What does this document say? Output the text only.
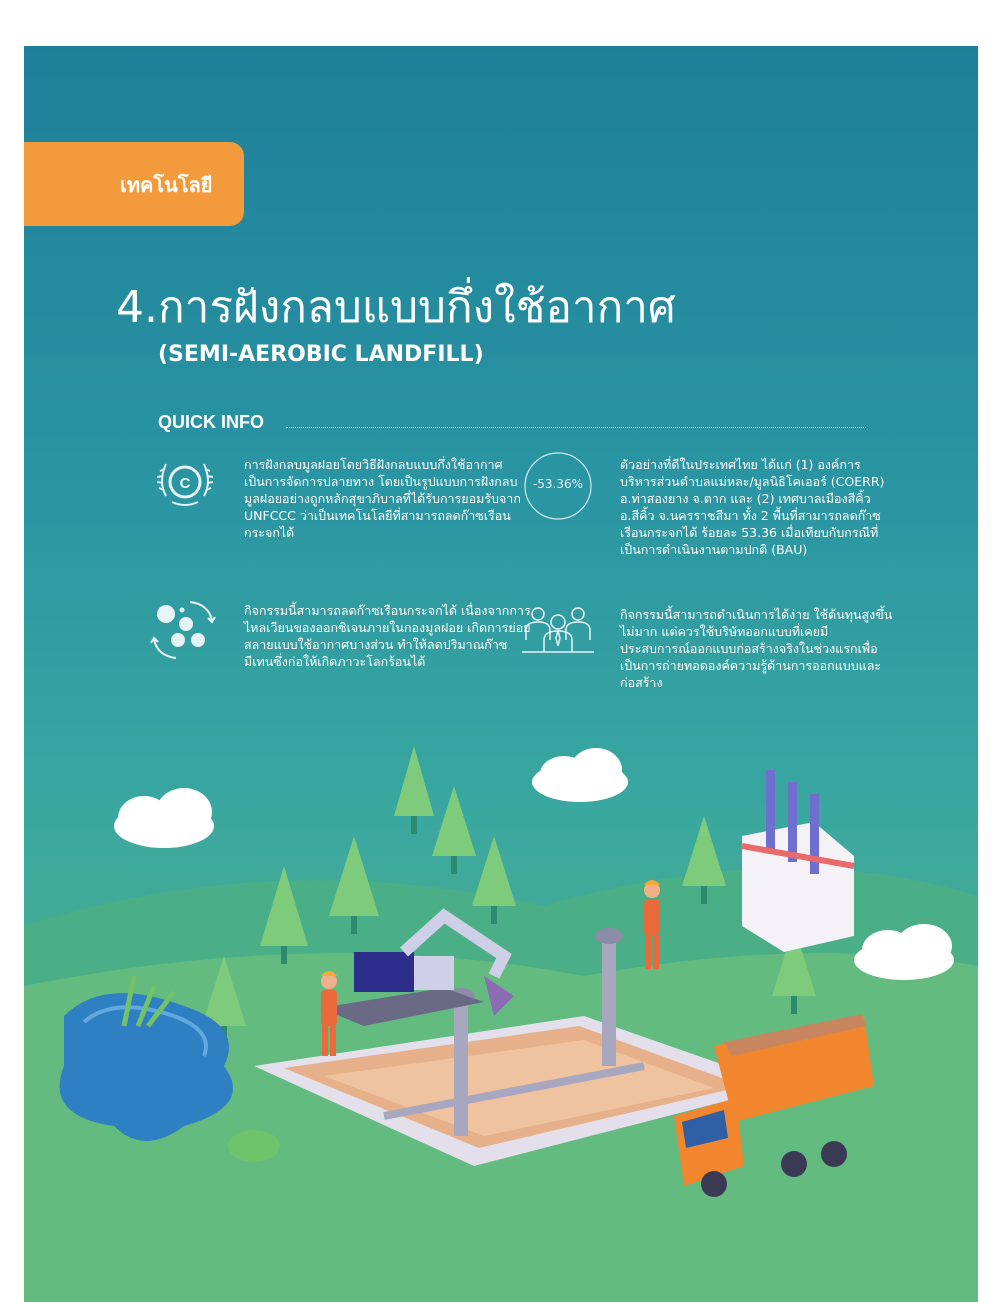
เทคโนโลยี
4.การฝังกลบแบบกึ่งใช้อากาศ
(SEMI-AEROBIC LANDFILL)
QUICK INFO
C

การฝังกลบมูลฝอยโดยวิธีฝังกลบแบบกึ่งใช้อากาศ เป็นการจัดการปลายทาง โดยเป็นรูปแบบการฝังกลบมูลฝอยอย่างถูกหลักสุขาภิบาลที่ได้รับการยอมรับจาก UNFCCC ว่าเป็นเทคโนโลยีที่สามารถลดก๊าซเรือนกระจกได้

-53.36%

ตัวอย่างที่ดีในประเทศไทย ได้แก่ (1) องค์การบริหารส่วนตำบลแม่หละ/มูลนิธิโคเออร์ (COERR) อ.ท่าสองยาง จ.ตาก และ (2) เทศบาลเมืองสีคิ้ว อ.สีคิ้ว จ.นครราชสีมา ทั้ง 2 พื้นที่สามารถลดก๊าซเรือนกระจกได้ ร้อยละ 53.36 เมื่อเทียบกับกรณีที่เป็นการดำเนินงานตามปกติ (BAU)

กิจกรรมนี้สามารถลดก๊าซเรือนกระจกได้ เนื่องจากการไหลเวียนของออกซิเจนภายในกองมูลฝอย เกิดการย่อยสลายแบบใช้อากาศบางส่วน ทำให้ลดปริมาณก๊าซมีเทนซึ่งก่อให้เกิดภาวะโลกร้อนได้

กิจกรรมนี้สามารถดำเนินการได้ง่าย ใช้ต้นทุนสูงขึ้นไม่มาก แต่ควรใช้บริษัทออกแบบที่เคยมีประสบการณ์ออกแบบก่อสร้างจริงในช่วงแรกเพื่อเป็นการถ่ายทอดองค์ความรู้ด้านการออกแบบและก่อสร้าง
